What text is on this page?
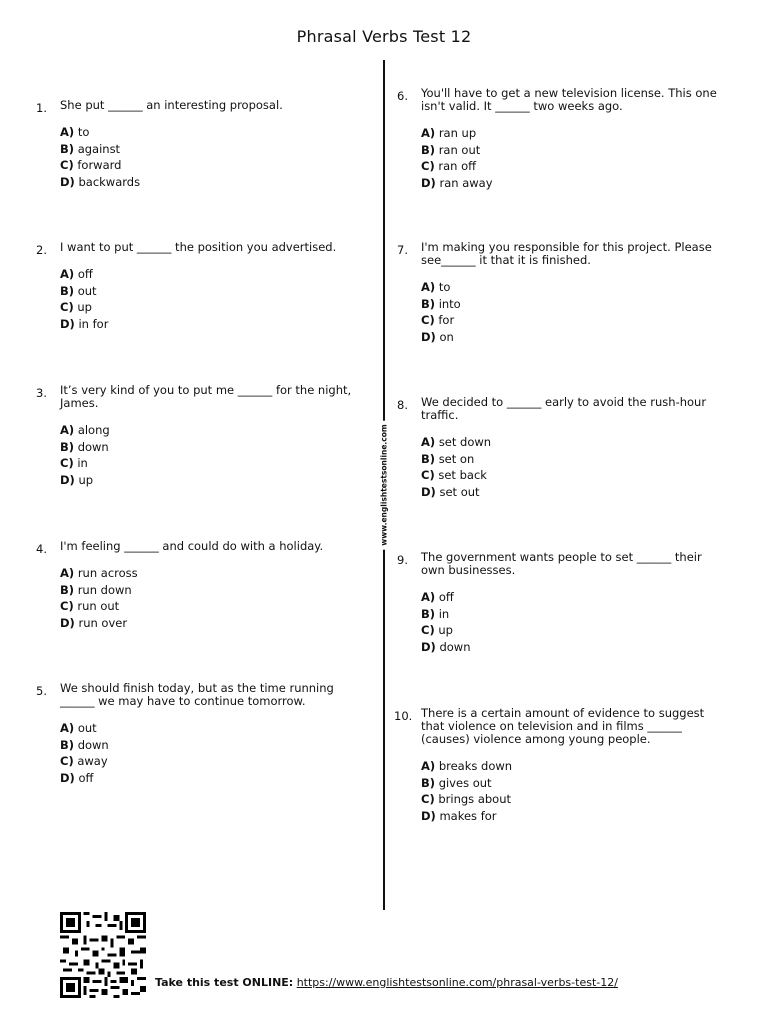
Phrasal Verbs Test 12
www.englishtestsonline.com
1. She put ______ an interesting proposal.
A) to
B) against
C) forward
D) backwards
2. I want to put ______ the position you advertised.
A) off
B) out
C) up
D) in for
3. It’s very kind of you to put me ______ for the night, James.
A) along
B) down
C) in
D) up
4. I'm feeling ______ and could do with a holiday.
A) run across
B) run down
C) run out
D) run over
5. We should finish today, but as the time running ______ we may have to continue tomorrow.
A) out
B) down
C) away
D) off
6. You'll have to get a new television license. This one isn't valid. It ______ two weeks ago.
A) ran up
B) ran out
C) ran off
D) ran away
7. I'm making you responsible for this project. Please see______ it that it is finished.
A) to
B) into
C) for
D) on
8. We decided to ______ early to avoid the rush-hour traffic.
A) set down
B) set on
C) set back
D) set out
9. The government wants people to set ______ their own businesses.
A) off
B) in
C) up
D) down
10. There is a certain amount of evidence to suggest that violence on television and in films ______ (causes) violence among young people.
A) breaks down
B) gives out
C) brings about
D) makes for
Take this test ONLINE: https://www.englishtestsonline.com/phrasal-verbs-test-12/
